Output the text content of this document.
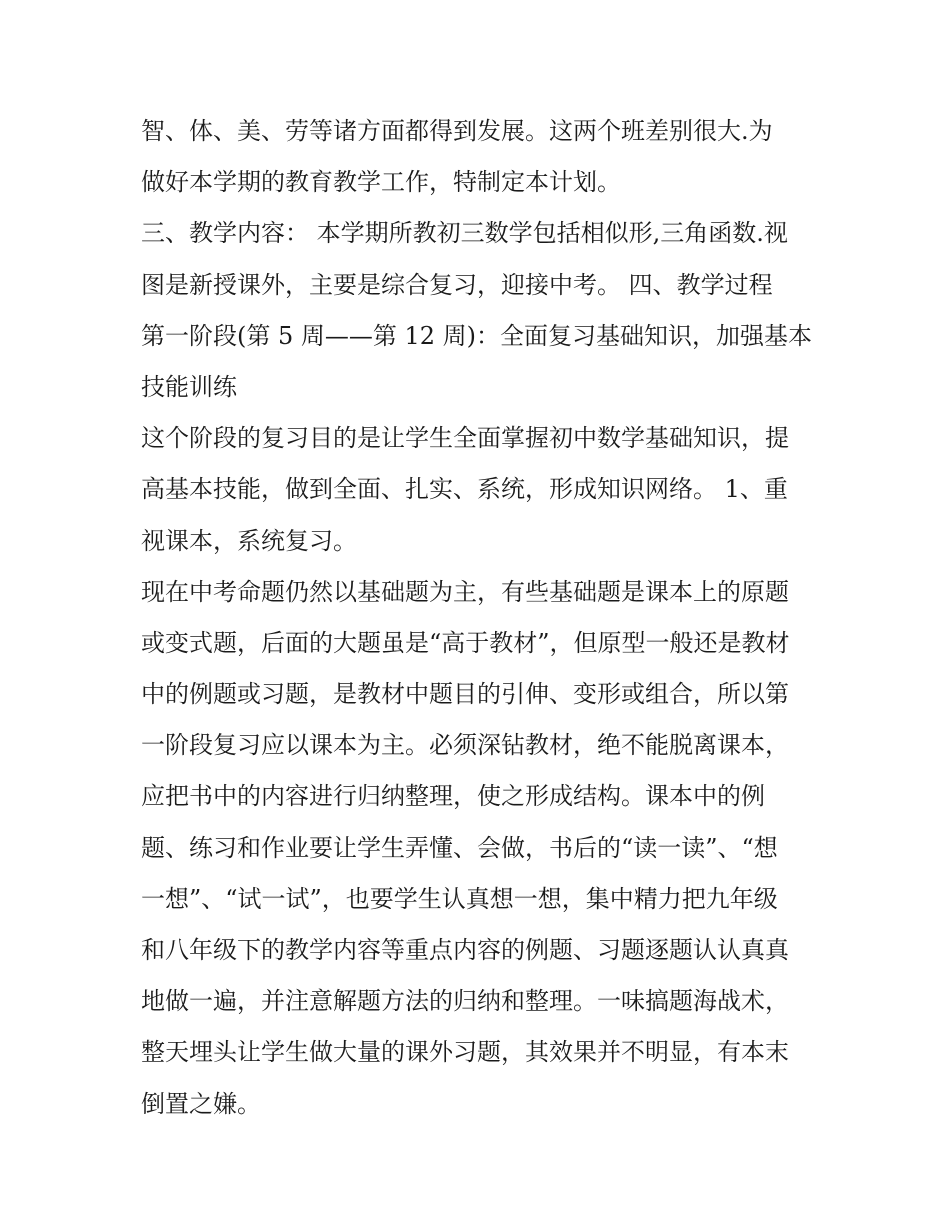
智、体、美、劳等诸方面都得到发展。这两个班差别很大.为
做好本学期的教育教学工作，特制定本计划。
三、教学内容： 本学期所教初三数学包括相似形,三角函数.视
图是新授课外，主要是综合复习，迎接中考。 四、教学过程
第一阶段(第 5 周——第 12 周)：全面复习基础知识，加强基本
技能训练
这个阶段的复习目的是让学生全面掌握初中数学基础知识，提
高基本技能，做到全面、扎实、系统，形成知识网络。 1、重
视课本，系统复习。
现在中考命题仍然以基础题为主，有些基础题是课本上的原题
或变式题，后面的大题虽是“高于教材”，但原型一般还是教材
中的例题或习题，是教材中题目的引伸、变形或组合，所以第
一阶段复习应以课本为主。必须深钻教材，绝不能脱离课本，
应把书中的内容进行归纳整理，使之形成结构。课本中的例
题、练习和作业要让学生弄懂、会做，书后的“读一读”、“想
一想”、“试一试”，也要学生认真想一想，集中精力把九年级
和八年级下的教学内容等重点内容的例题、习题逐题认认真真
地做一遍，并注意解题方法的归纳和整理。一味搞题海战术，
整天埋头让学生做大量的课外习题，其效果并不明显，有本末
倒置之嫌。
